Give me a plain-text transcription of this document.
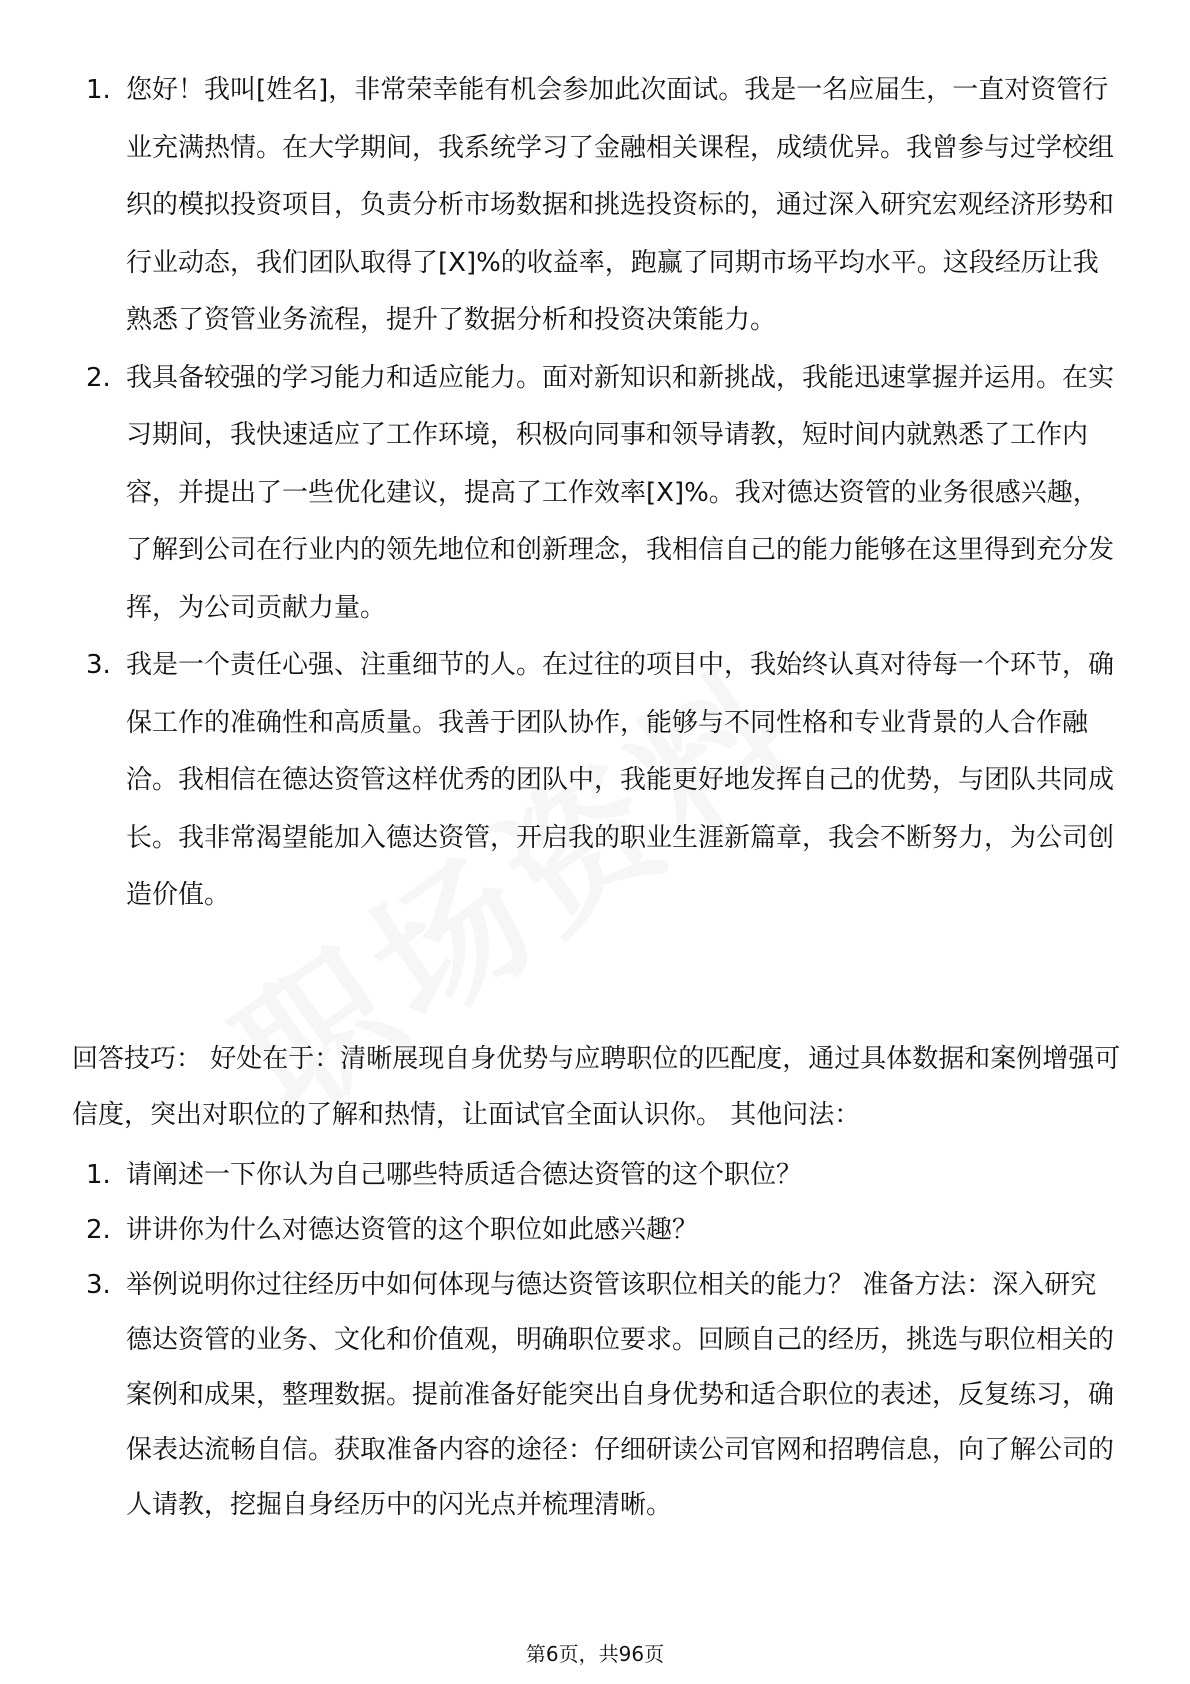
1. 您好！我叫[姓名]，非常荣幸能有机会参加此次面试。我是一名应届生，一直对资管行业充满热情。在大学期间，我系统学习了金融相关课程，成绩优异。我曾参与过学校组织的模拟投资项目，负责分析市场数据和挑选投资标的，通过深入研究宏观经济形势和行业动态，我们团队取得了[X]%的收益率，跑赢了同期市场平均水平。这段经历让我熟悉了资管业务流程，提升了数据分析和投资决策能力。
2. 我具备较强的学习能力和适应能力。面对新知识和新挑战，我能迅速掌握并运用。在实习期间，我快速适应了工作环境，积极向同事和领导请教，短时间内就熟悉了工作内容，并提出了一些优化建议，提高了工作效率[X]%。我对德达资管的业务很感兴趣，了解到公司在行业内的领先地位和创新理念，我相信自己的能力能够在这里得到充分发挥，为公司贡献力量。
3. 我是一个责任心强、注重细节的人。在过往的项目中，我始终认真对待每一个环节，确保工作的准确性和高质量。我善于团队协作，能够与不同性格和专业背景的人合作融洽。我相信在德达资管这样优秀的团队中，我能更好地发挥自己的优势，与团队共同成长。我非常渴望能加入德达资管，开启我的职业生涯新篇章，我会不断努力，为公司创造价值。

回答技巧： 好处在于：清晰展现自身优势与应聘职位的匹配度，通过具体数据和案例增强可信度，突出对职位的了解和热情，让面试官全面认识你。 其他问法：

1. 请阐述一下你认为自己哪些特质适合德达资管的这个职位？
2. 讲讲你为什么对德达资管的这个职位如此感兴趣？
3. 举例说明你过往经历中如何体现与德达资管该职位相关的能力？ 准备方法：深入研究德达资管的业务、文化和价值观，明确职位要求。回顾自己的经历，挑选与职位相关的案例和成果，整理数据。提前准备好能突出自身优势和适合职位的表述，反复练习，确保表达流畅自信。获取准备内容的途径：仔细研读公司官网和招聘信息，向了解公司的人请教，挖掘自身经历中的闪光点并梳理清晰。
第6页，共96页
